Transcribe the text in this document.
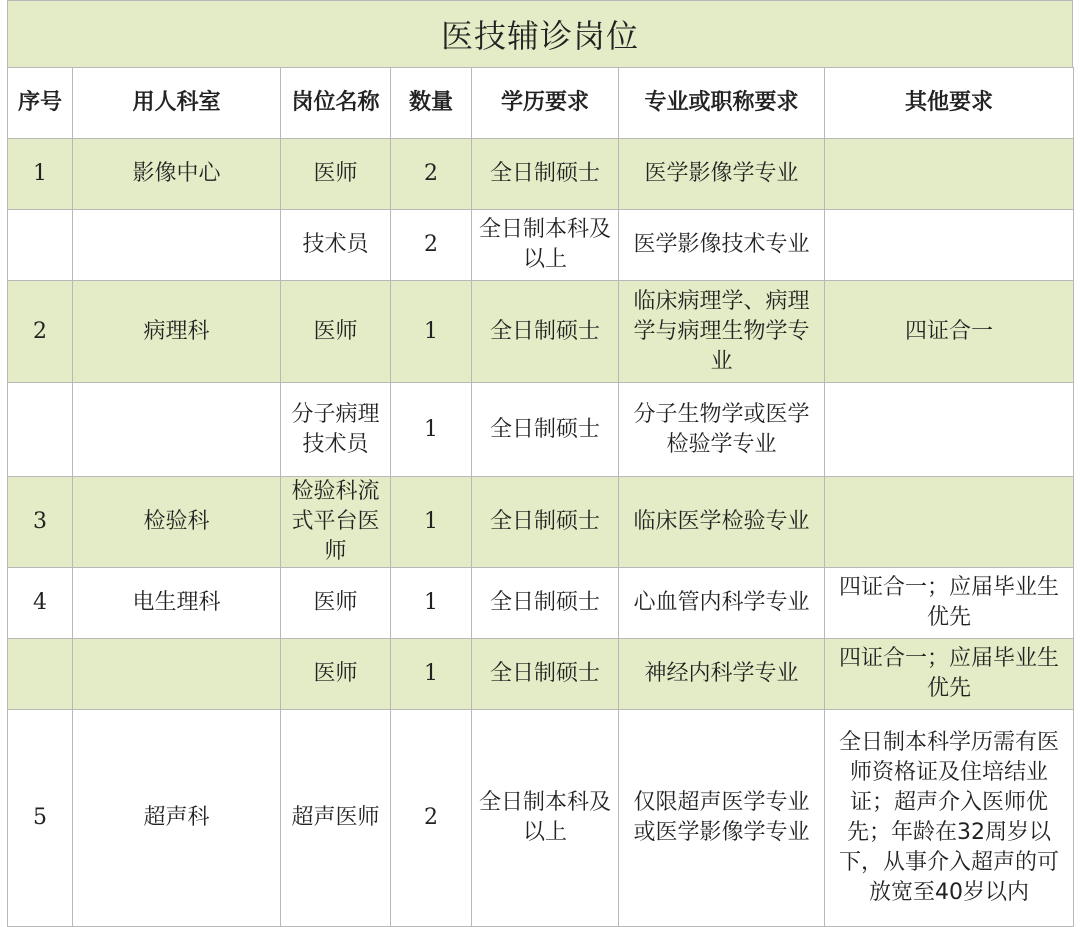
医技辅诊岗位
序号	用人科室	岗位名称	数量	学历要求	专业或职称要求	其他要求
1	影像中心	医师	2	全日制硕士	医学影像学专业	
		技术员	2	全日制本科及以上	医学影像技术专业	
2	病理科	医师	1	全日制硕士	临床病理学、病理学与病理生物学专业	四证合一
		分子病理技术员	1	全日制硕士	分子生物学或医学检验学专业	
3	检验科	检验科流式平台医师	1	全日制硕士	临床医学检验专业	
4	电生理科	医师	1	全日制硕士	心血管内科学专业	四证合一；应届毕业生优先
		医师	1	全日制硕士	神经内科学专业	四证合一；应届毕业生优先
5	超声科	超声医师	2	全日制本科及以上	仅限超声医学专业或医学影像学专业	全日制本科学历需有医师资格证及住培结业证；超声介入医师优先；年龄在32周岁以下，从事介入超声的可放宽至40岁以内
